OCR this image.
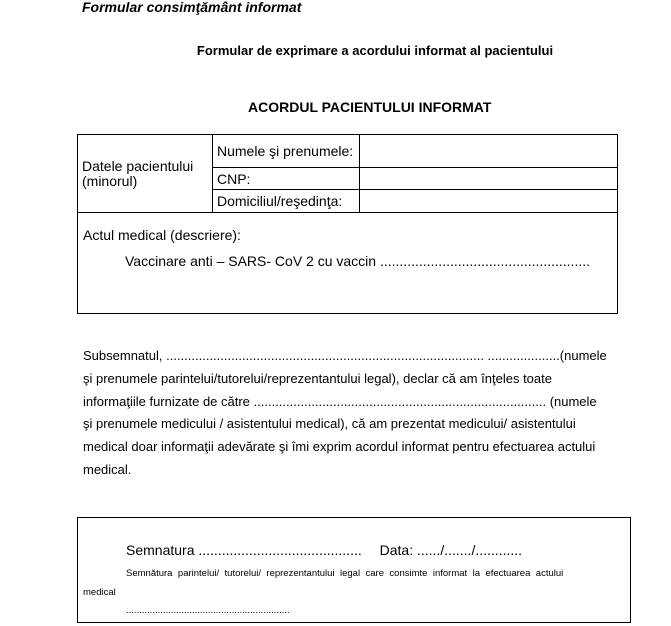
Formular consimţământ informat
Formular de exprimare a acordului informat al pacientului
ACORDUL PACIENTULUI INFORMAT
Datele pacientului (minorul)	Numele şi prenumele:	

	CNP:	
	Domiciliul/reşedinţa:	

Actul medical (descriere):
Vaccinare anti – SARS- CoV 2 cu vaccin ......................................................		
Subsemnatul, ........................................................................................ ....................(numele
şi prenumele parintelui/tutorelui/reprezentantului legal), declar că am înţeles toate
informaţiile furnizate de către ................................................................................. (numele
şi prenumele medicului / asistentului medical), că am prezentat medicului/ asistentului
medical doar informaţii adevărate şi îmi exprim acordul informat pentru efectuarea actului
medical.
Semnatura .......................................... Data: ....../......./............
Semnătura parintelui/ tutorelui/ reprezentantului legal care consimte informat la efectuarea actului
medical
..............................................................
